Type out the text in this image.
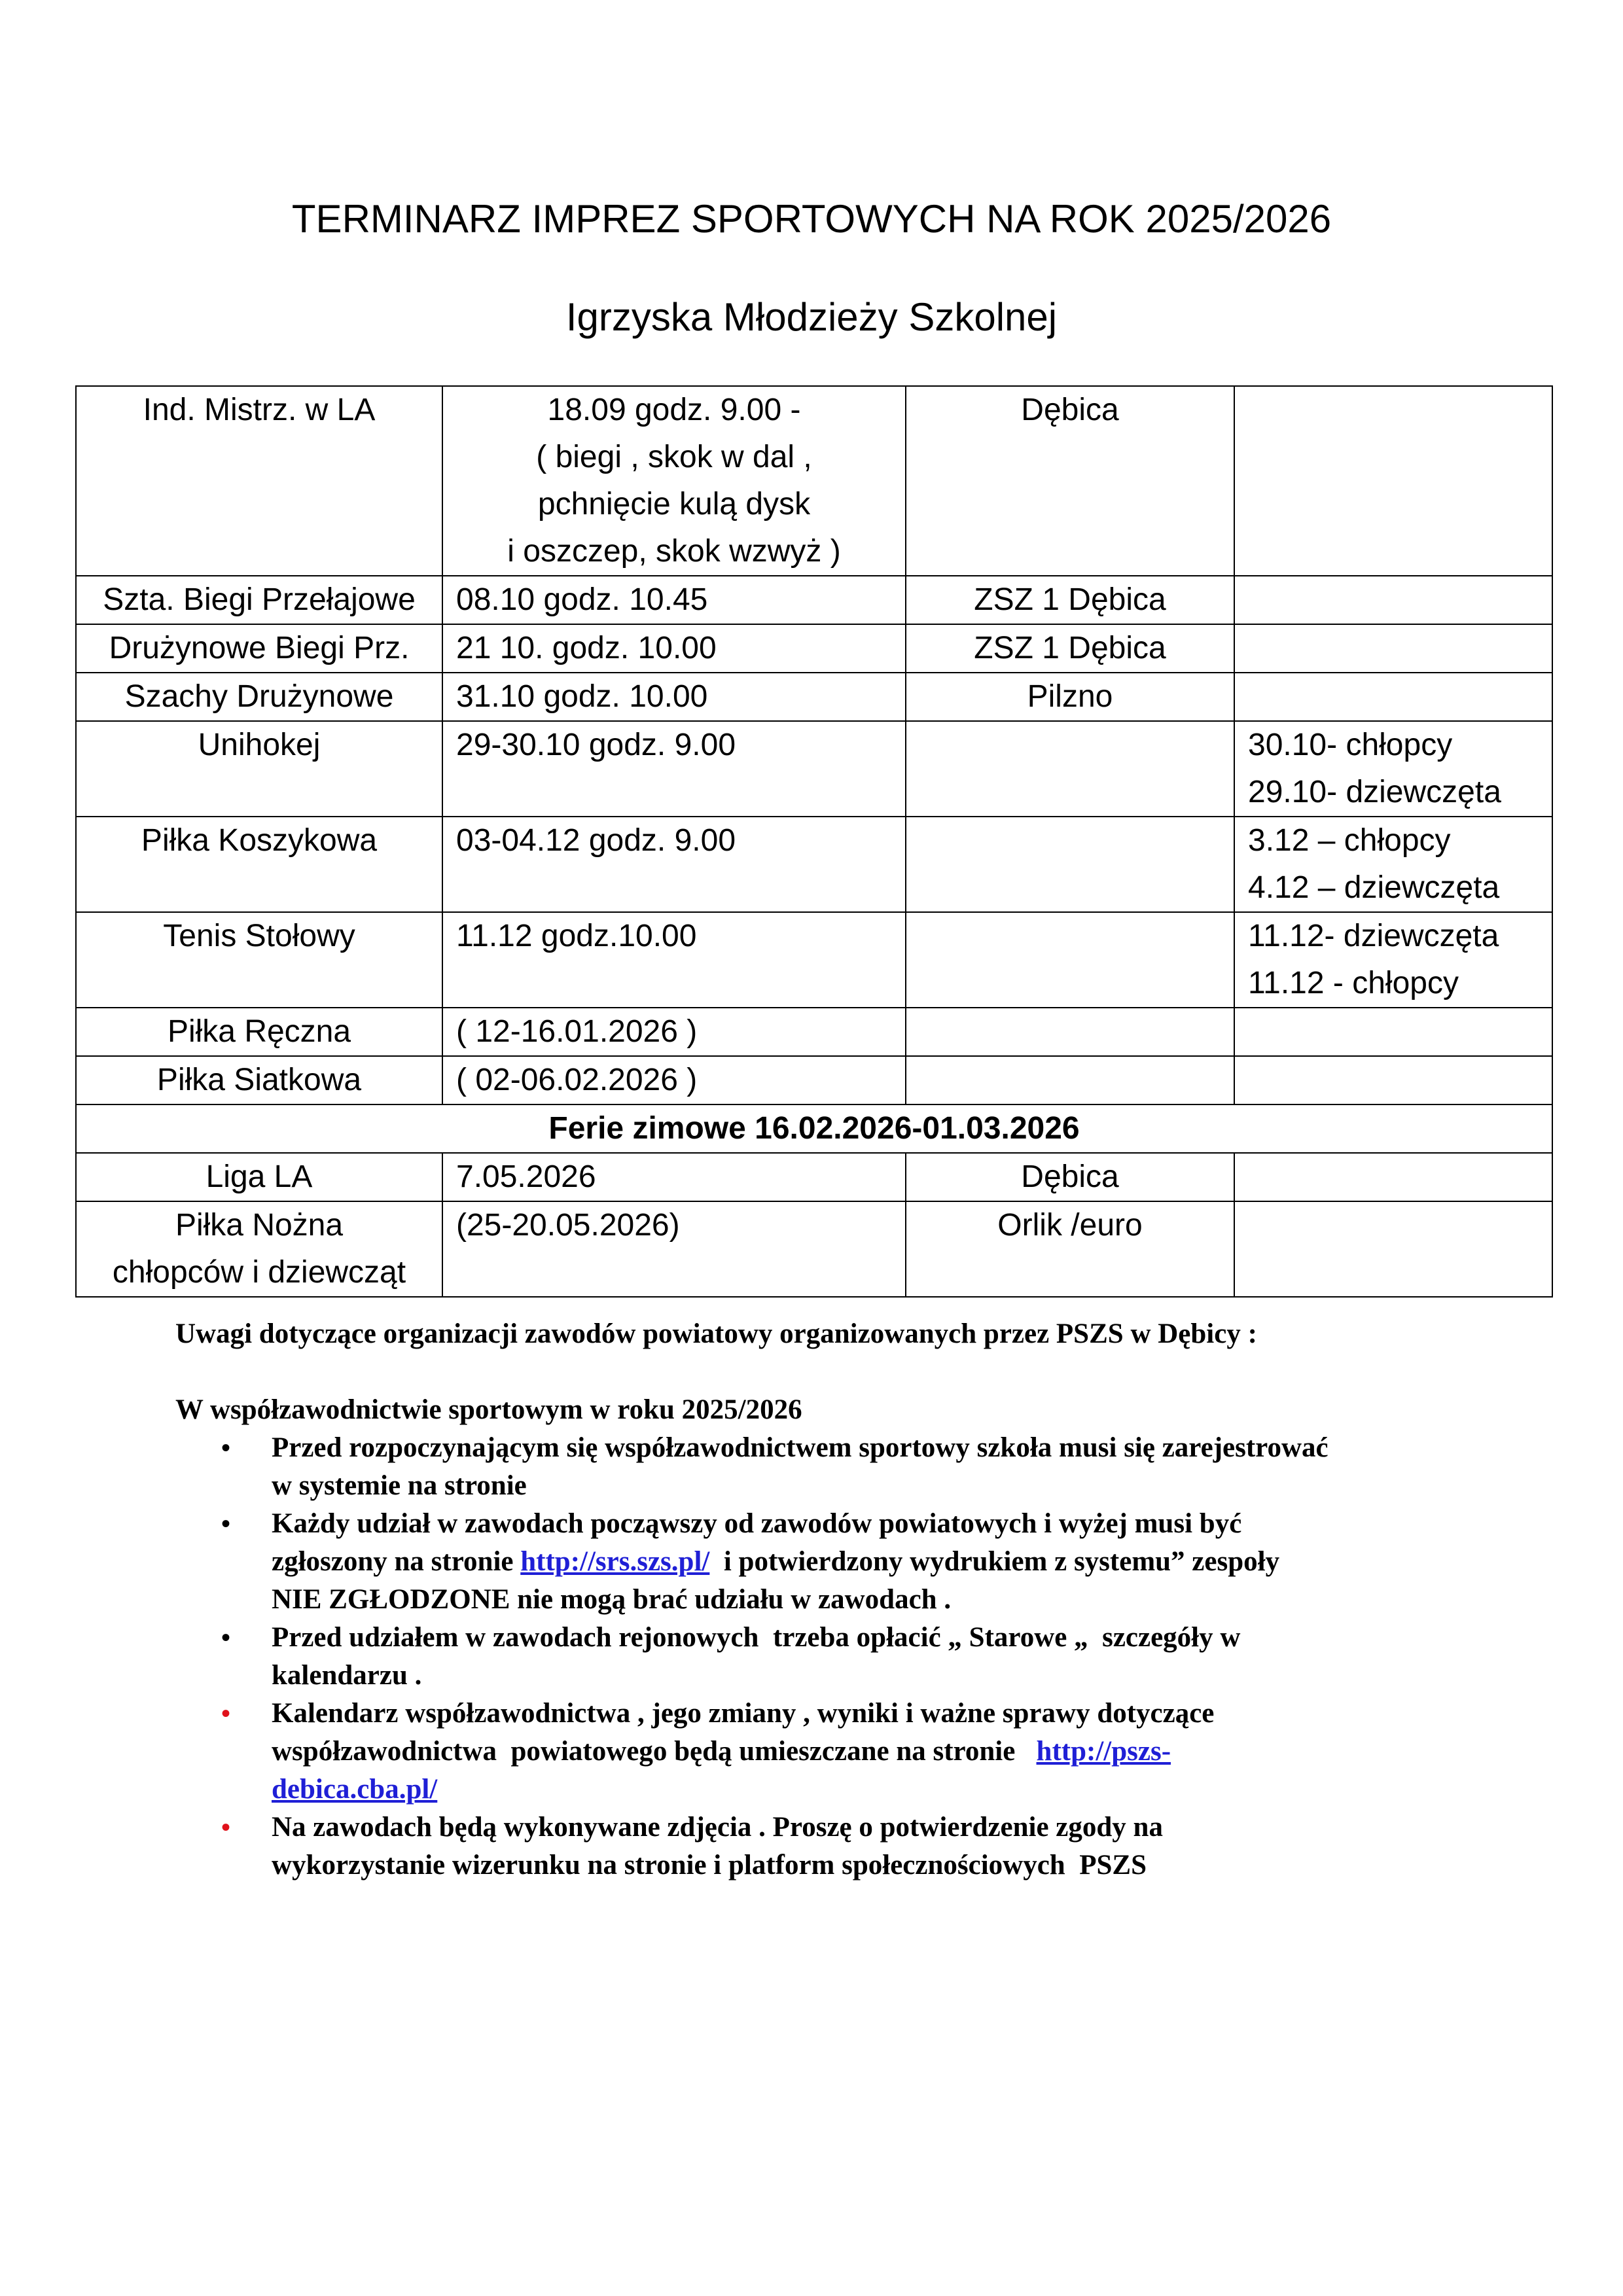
TERMINARZ IMPREZ SPORTOWYCH NA ROK 2025/2026
Igrzyska Młodzieży Szkolnej
Ind. Mistrz. w LA	18.09 godz. 9.00 -
( biegi , skok w dal ,
pchnięcie kulą dysk
i oszczep, skok wzwyż )	Dębica	

Szta. Biegi Przełajowe	08.10 godz. 10.45	ZSZ 1 Dębica	

Drużynowe Biegi Prz.	21 10. godz. 10.00	ZSZ 1 Dębica	

Szachy Drużynowe	31.10 godz. 10.00	Pilzno	

Unihokej	29-30.10 godz. 9.00		30.10- chłopcy
29.10- dziewczęta

Piłka Koszykowa	03-04.12 godz. 9.00		3.12 – chłopcy
4.12 – dziewczęta

Tenis Stołowy	11.12 godz.10.00		11.12- dziewczęta
11.12 - chłopcy

Piłka Ręczna	( 12-16.01.2026 )		

Piłka Siatkowa	( 02-06.02.2026 )		

Ferie zimowe 16.02.2026-01.03.2026			

Liga LA	7.05.2026	Dębica	

Piłka Nożna
chłopców i dziewcząt	(25-20.05.2026)	Orlik /euro	

Uwagi dotyczące organizacji zawodów powiatowy organizowanych przez PSZS w Dębicy :

W współzawodnictwie sportowym w roku 2025/2026

• Przed rozpoczynającym się współzawodnictwem sportowy szkoła musi się zarejestrować
w systemie na stronie
• Każdy udział w zawodach począwszy od zawodów powiatowych i wyżej musi być
zgłoszony na stronie http://srs.szs.pl/  i potwierdzony wydrukiem z systemu” zespoły
NIE ZGŁODZONE nie mogą brać udziału w zawodach .
• Przed udziałem w zawodach rejonowych  trzeba opłacić „ Starowe „  szczegóły w
kalendarzu .
• Kalendarz współzawodnictwa , jego zmiany , wyniki i ważne sprawy dotyczące
współzawodnictwa  powiatowego będą umieszczane na stronie   http://pszs-
debica.cba.pl/
• Na zawodach będą wykonywane zdjęcia . Proszę o potwierdzenie zgody na
wykorzystanie wizerunku na stronie i platform społecznościowych  PSZS
